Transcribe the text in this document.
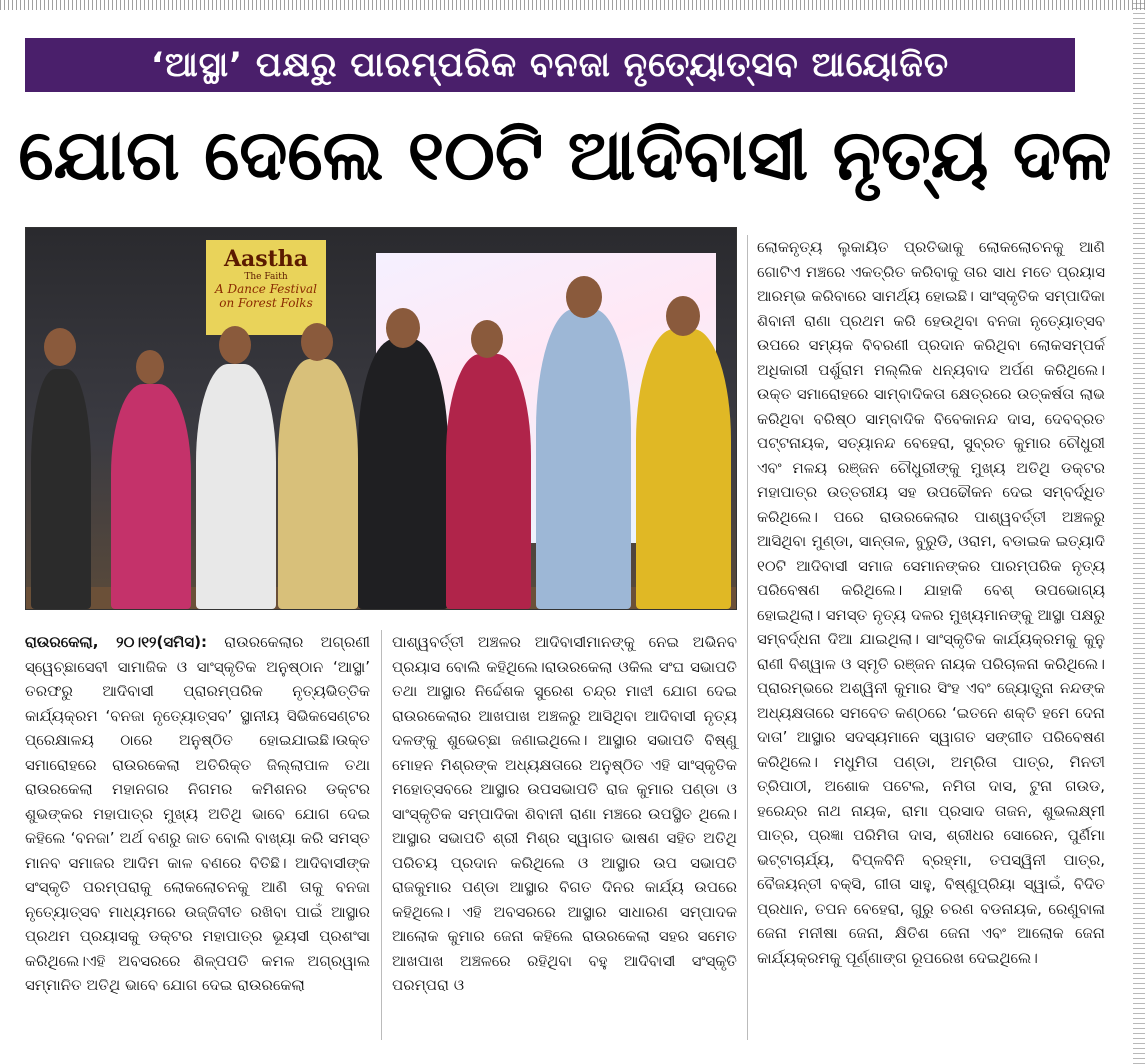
‘ଆସ୍ଥା’ ପକ୍ଷରୁ ପାରମ୍ପରିକ ବନଜା ନୃତ୍ୟୋତ୍ସବ ଆୟୋଜିତ
ଯୋଗ ଦେଲେ ୧୦ଟି ଆଦିବାସୀ ନୃତ୍ୟ ଦଳ
Aastha
The Faith
A Dance Festival
on Forest Folks

ରାଉରକେଲା, ୨୦।୧୨(ସମିସ): ରାଉରକେଲାର ଅଗ୍ରଣୀ ସ୍ୱେଚ୍ଛାସେବୀ ସାମାଜିକ ଓ ସାଂସ୍କୃତିକ ଅନୁଷ୍ଠାନ ‘ଆସ୍ଥା’ ତରଫରୁ ଆଦିବାସୀ ପ୍ରାରମ୍ପରିକ ନୃତ୍ୟଭିତ୍ତିକ କାର୍ଯ୍ୟକ୍ରମ ‘ବନଜା ନୃତ୍ୟୋତ୍ସବ’ ସ୍ଥାନୀୟ ସିଭିକସେଣ୍ଟର ପ୍ରେକ୍ଷାଳୟ ଠାରେ ଅନୁଷ୍ଠିତ ହୋଇଯାଇଛି।ଉକ୍ତ ସମାରୋହରେ ରାଉରକେଲା ଅତିରିକ୍ତ ଜିଲ୍ଲାପାଳ ତଥା ରାଉରକେଲା ମହାନଗର ନିଗମର କମିଶନର ଡକ୍ଟର ଶୁଭଙ୍କର ମହାପାତ୍ର ମୁଖ୍ୟ ଅତିଥି ଭାବେ ଯୋଗ ଦେଇ କହିଲେ ‘ବନଜା’ ଅର୍ଥ ବଣରୁ ଜାତ ବୋଲି ବାଖ୍ୟା କରି ସମସ୍ତ ମାନବ ସମାଜର ଆଦିମ କାଳ ବଣରେ ବିତିଛି। ଆଦିବାସୀଙ୍କ ସଂସ୍କୃତି ପରମ୍ପରାକୁ ଲୋକଲୋଚନକୁ ଆଣି ତାକୁ ବନଜା ନୃତ୍ୟୋତ୍ସବ ମାଧ୍ୟମରେ ଉଜ୍ଜିବୀତ ରଖିବା ପାଇଁ ଆସ୍ଥାର ପ୍ରଥମ ପ୍ରୟାସକୁ ଡକ୍ଟର ମହାପାତ୍ର ଭୂୟସୀ ପ୍ରଶଂସା କରିଥିଲେ।ଏହି ଅବସରରେ ଶିଳ୍ପପତି କମଳ ଅଗ୍ରୱାଲ ସମ୍ମାନିତ ଅତିଥି ଭାବେ ଯୋଗ ଦେଇ ରାଉରକେଲା

ପାଶ୍ୱବର୍ତ୍ତୀ ଅଞ୍ଚଳର ଆଦିବାସୀମାନଙ୍କୁ ନେଇ ଅଭିନବ ପ୍ରୟାସ ବୋଲି କହିଥିଲେ।ରାଉରକେଲା ଓକିଲ ସଂଘ ସଭାପତି ତଥା ଆସ୍ଥାର ନିର୍ଦ୍ଦେଶକ ସୁରେଶ ଚନ୍ଦ୍ର ମାଝୀ ଯୋଗ ଦେଇ ରାଉରକେଲାର ଆଖପାଖ ଅଞ୍ଚଳରୁ ଆସିଥିବା ଆଦିବାସୀ ନୃତ୍ୟ ଦଳଙ୍କୁ ଶୁଭେଚ୍ଛା ଜଣାଇଥିଲେ। ଆସ୍ଥାର ସଭାପତି ବିଷ୍ଣୁ ମୋହନ ମିଶ୍ରଙ୍କ ଅଧ୍ୟକ୍ଷତାରେ ଅନୁଷ୍ଠିତ ଏହି ସାଂସ୍କୃତିକ ମହୋତ୍ସବରେ ଆସ୍ଥାର ଉପସଭାପତି ରାଜ କୁମାର ପଣ୍ଡା ଓ ସାଂସ୍କୃତିକ ସମ୍ପାଦିକା ଶିବାନୀ ରାଣା ମଞ୍ଚରେ ଉପସ୍ଥିତ ଥିଲେ। ଆସ୍ଥାର ସଭାପତି ଶ୍ରୀ ମିଶ୍ର ସ୍ୱାଗତ ଭାଷଣ ସହିତ ଅତିଥି ପରିଚୟ ପ୍ରଦାନ କରିଥିଲେ ଓ ଆସ୍ଥାର ଉପ ସଭାପତି ରାଜକୁମାର ପଣ୍ଡା ଆସ୍ଥାର ବିଗତ ଦିନର କାର୍ଯ୍ୟ ଉପରେ କହିଥିଲେ। ଏହି ଅବସରରେ ଆସ୍ଥାର ସାଧାରଣ ସମ୍ପାଦକ ଆଲୋକ କୁମାର ଜେନା କହିଲେ ରାଉରକେଲା ସହର ସମେତ ଆଖପାଖ ଅଞ୍ଚଳରେ ରହିଥିବା ବହୁ ଆଦିବାସୀ ସଂସ୍କୃତି ପରମ୍ପରା ଓ

ଲୋକନୃତ୍ୟ ଲୁକାୟିତ ପ୍ରତିଭାକୁ ଲୋକଲୋଚନକୁ ଆଣି ଗୋଟିଏ ମଞ୍ଚରେ ଏକତ୍ରିତ କରିବାକୁ ତାର ସାଧ ମତେ ପ୍ରୟାସ ଆରମ୍ଭ କରିବାରେ ସାମର୍ଥ୍ୟ ହୋଇଛି। ସାଂସ୍କୃତିକ ସମ୍ପାଦିକା ଶିବାନୀ ରାଣା ପ୍ରଥମ କରି ହେଉଥିବା ବନଜା ନୃତ୍ୟୋତ୍ସବ ଉପରେ ସମ୍ୟକ ବିବରଣୀ ପ୍ରଦାନ କରିଥିବା ଲୋକସମ୍ପର୍କ ଅଧିକାରୀ ପର୍ଶୁରାମ ମଲ୍ଲିକ ଧନ୍ୟବାଦ ଅର୍ପଣ କରିଥିଲେ। ଉକ୍ତ ସମାରୋହରେ ସାମ୍ବାଦିକତା କ୍ଷେତ୍ରରେ ଉତ୍କର୍ଷତା ଲାଭ କରିଥିବା ବରିଷ୍ଠ ସାମ୍ବାଦିକ ବିବେକାନନ୍ଦ ଦାସ, ଦେବବ୍ରତ ପଟ୍ଟନାୟକ, ସତ୍ୟାନନ୍ଦ ବେହେରା, ସୁବ୍ରତ କୁମାର ଚୌଧୁରୀ ଏବଂ ମଳୟ ରଞ୍ଜନ ଚୌଧୁରୀଙ୍କୁ ମୁଖ୍ୟ ଅତିଥି ଡକ୍ଟର ମହାପାତ୍ର ଉତ୍ତରୀୟ ସହ ଉପଢୌକନ ଦେଇ ସମ୍ବର୍ଦ୍ଧିତ କରିଥିଲେ। ପରେ ରାଉରକେଲାର ପାଶ୍ୱବର୍ତ୍ତୀ ଅଞ୍ଚଳରୁ ଆସିଥିବା ମୁଣ୍ଡା, ସାନ୍ତାଳ, ବୁରୁଡି, ଓରାମ, ବଡାଇକ ଇତ୍ୟାଦି ୧୦ଟି ଆଦିବାସୀ ସମାଜ ସେମାନଙ୍କର ପାରମ୍ପରିକ ନୃତ୍ୟ ପରିବେଷଣ କରିଥିଲେ। ଯାହାକି ବେଶ୍ ଉପଭୋଗ୍ୟ ହୋଇଥିଲା। ସମସ୍ତ ନୃତ୍ୟ ଦଳର ମୁଖ୍ୟମାନଙ୍କୁ ଆସ୍ଥା ପକ୍ଷରୁ ସମ୍ବର୍ଦ୍ଧନା ଦିଆ ଯାଇଥିଲା। ସାଂସ୍କୃତିକ କାର୍ଯ୍ୟକ୍ରମକୁ କୁନୁ ରାଣୀ ବିଶ୍ୱାଳ ଓ ସ୍ମୃତି ରଞ୍ଜନ ନାୟକ ପରିଚାଳନା କରିଥିଲେ। ପ୍ରାରମ୍ଭରେ ଅଶ୍ୱିନୀ କୁମାର ସିଂହ ଏବଂ ଜ୍ୟୋତ୍ସ୍ନା ନନ୍ଦଙ୍କ ଅଧ୍ୟକ୍ଷତାରେ ସମବେତ କଣ୍ଠରେ ‘ଇତନେ ଶକ୍ତି ହମେ ଦେନା ଦାତା’ ଆସ୍ଥାର ସଦସ୍ୟମାନେ ସ୍ୱାଗତ ସଙ୍ଗୀତ ପରିବେଷଣ କରିଥିଲେ। ମଧୁମିତା ପଣ୍ଡା, ଅମ୍ରିତା ପାତ୍ର, ମିନତୀ ତ୍ରିପାଠୀ, ଅଶୋକ ପଟେଲ, ନମିତା ଦାସ, ଟୁନା ଗଉଡ, ହରେନ୍ଦ୍ର ନାଥ ନାୟକ, ରାମା ପ୍ରସାଦ ତାଜନ, ଶୁଭଲକ୍ଷ୍ମୀ ପାତ୍ର, ପ୍ରଜ୍ଞା ପରିମିତା ଦାସ, ଶ୍ରୀଧର ସୋରେନ, ପୁର୍ଣିମା ଭଟ୍ଟାଚାର୍ଯ୍ୟ, ବିପ୍ଳବିନି ବ୍ରହ୍ମା, ତପସ୍ୱିନୀ ପାତ୍ର, ବୈଜୟନ୍ତୀ ବକ୍ସି, ଗୀତା ସାହୁ, ବିଷ୍ଣୁପ୍ରିୟା ସ୍ୱାଇଁ, ବିଦିତ ପ୍ରଧାନ, ତପନ ବେହେରା, ଗୁରୁ ଚରଣ ବଡନାୟକ, ରେଣୁବାଳା ଜେନା ମନୀଷା ଜେନା, କ୍ଷିତିଶ ଜେନା ଏବଂ ଆଲୋକ ଜେନା କାର୍ଯ୍ୟକ୍ରମକୁ ପୂର୍ଣ୍ଣାଙ୍ଗ ରୂପରେଖ ଦେଇଥିଲେ।
